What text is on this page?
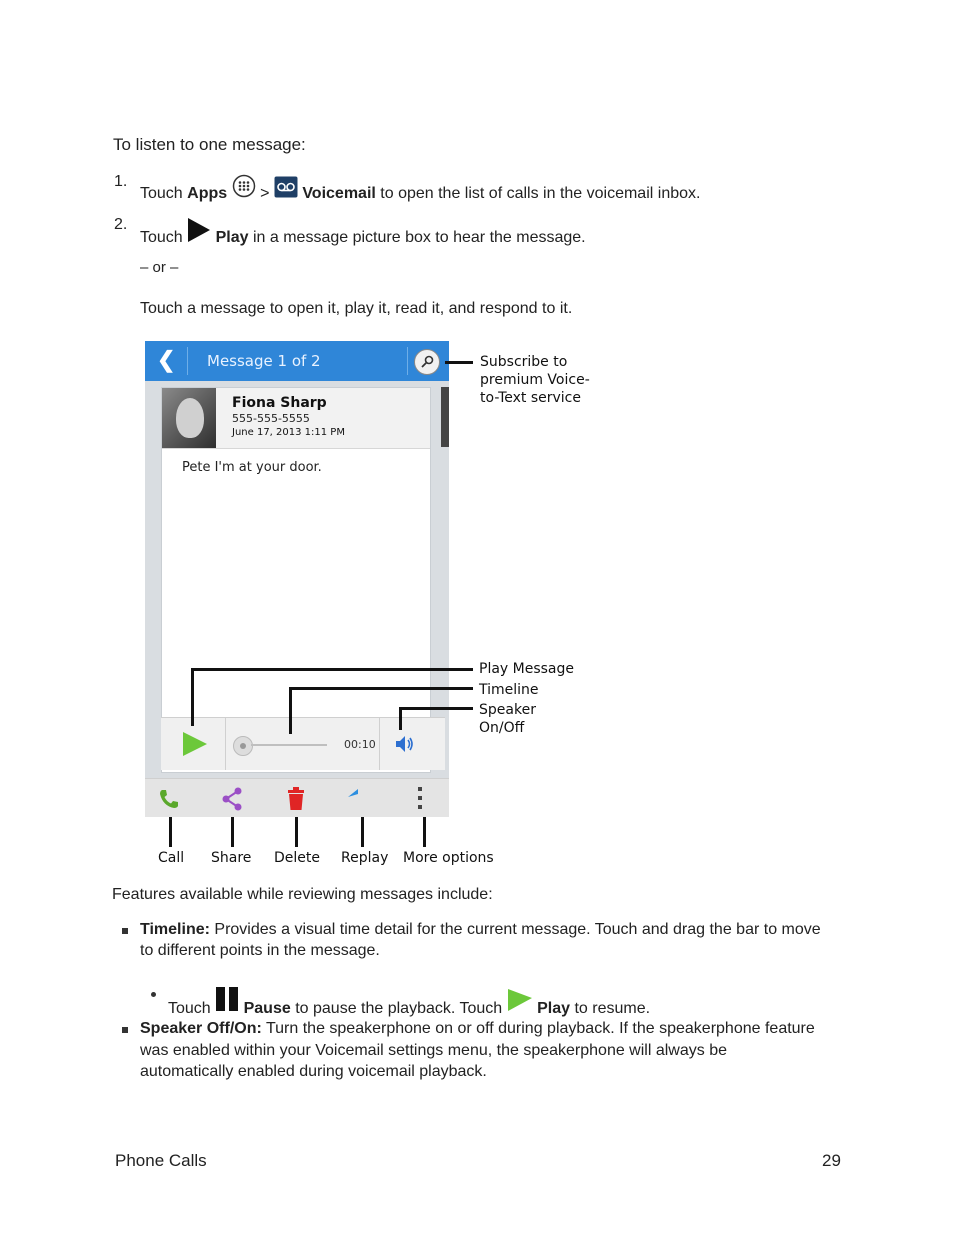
To listen to one message:
1.
Touch Apps > Voicemail to open the list of calls in the voicemail inbox.
2.
Touch Play in a message picture box to hear the message.
– or –
Touch a message to open it, play it, read it, and respond to it.
❮ Message 1 of 2
Fiona Sharp
555-555-5555
June 17, 2013 1:11 PM
Pete I'm at your door.
00:10
Subscribe to
premium Voice-
to-Text service
Play Message
Timeline
Speaker
On/Off
Call Share Delete Replay More options
Features available while reviewing messages include:
Timeline: Provides a visual time detail for the current message. Touch and drag the bar to move
to different points in the message.
Touch Pause to pause the playback. Touch Play to resume.
Speaker Off/On: Turn the speakerphone on or off during playback. If the speakerphone feature
was enabled within your Voicemail settings menu, the speakerphone will always be
automatically enabled during voicemail playback.
Phone Calls	29
